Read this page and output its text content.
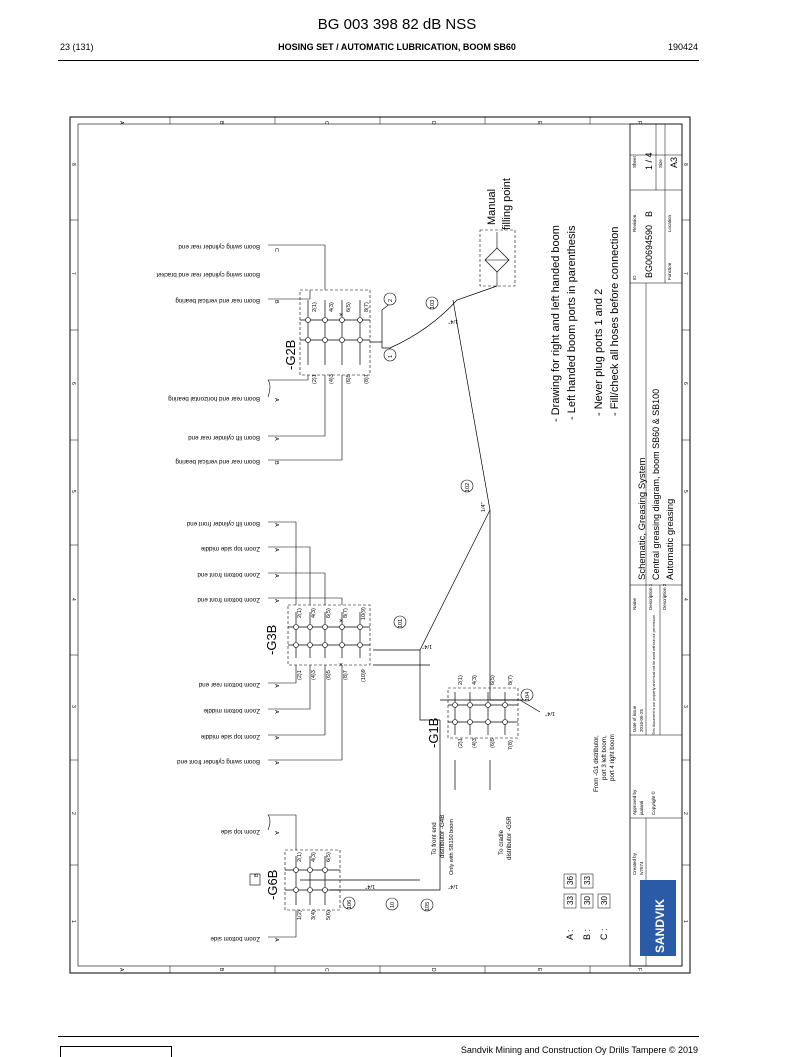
BG 003 398 82 dB NSS
23 (131)	HOSING SET / AUTOMATIC LUBRICATION, BOOM SB60	190424
A	B	C	D	E	F
A	B	C	D	E	F
8
7
6
5
4
3
2
1
8
7
6
5
4
3
2
1
Boom swing cylinder rear end
Boom swing cylinder rear end bracket
Boom rear end vertical bearing
Boom rear end horizontal bearing
Boom lift cylinder rear end
Boom rear end vertical bearing
Boom lift cylinder front end
Zoom top side middle
Zoom bottom front end
Zoom bottom front end
Zoom bottom rear end
Zoom bottom middle
Zoom top side middle
Boom swing cylinder front end
Zoom top side
Zoom bottom side
C
B
A
A
B
A
A
A
A
A
A
A
A
A
A
-G2B
(2)1 (4)3 (6)5 (8)7
2(1) 4(3) 6(5) 8(7)
×
Manual filling point
- Drawing for right and left handed boom - Left handed boom ports in parenthesis - Never plug ports 1 and 2 - Fill/check all hoses before connection
2
1
103
102
101
104
106	10	105
1/4"
1/4"
1/4"
1/4"
1/4"	1/4"
-G3B
(2)1 (4)3 (6)5 (8)7 (10)9
2(1) 4(3) 6(5) 8(7) 10(9)
×
×
-G1B	(2)1 (4)3 (6)5 7(8)
2(1) 4(3) 6(5) 8(7)
-G6B
B
1(2) 3(4) 5(6)
2(1) 4(3) 6(5)
To front end distributor -G4B Only with SB150 boom	To cradle distributor -G5R
From -G1 distributor, port 3 left boom, port 4 right boom
A :
33
36
B :
30
33
C :
30	SANDVIK
Created by Iv7674
Approved by jaalanti Copyright ©
Date of issue 2016-05-25 This document is our property and must not be used without our permission.
Name
Schematic, Greasing System
Description 1
Central greasing diagram, boom SB60 & SB100
Description 2
Automatic greasing
ID BG00694590	Function
Revision
B
Location
Sheet 1 / 4 Size A3
Sandvik Mining and Construction Oy Drills Tampere © 2019
